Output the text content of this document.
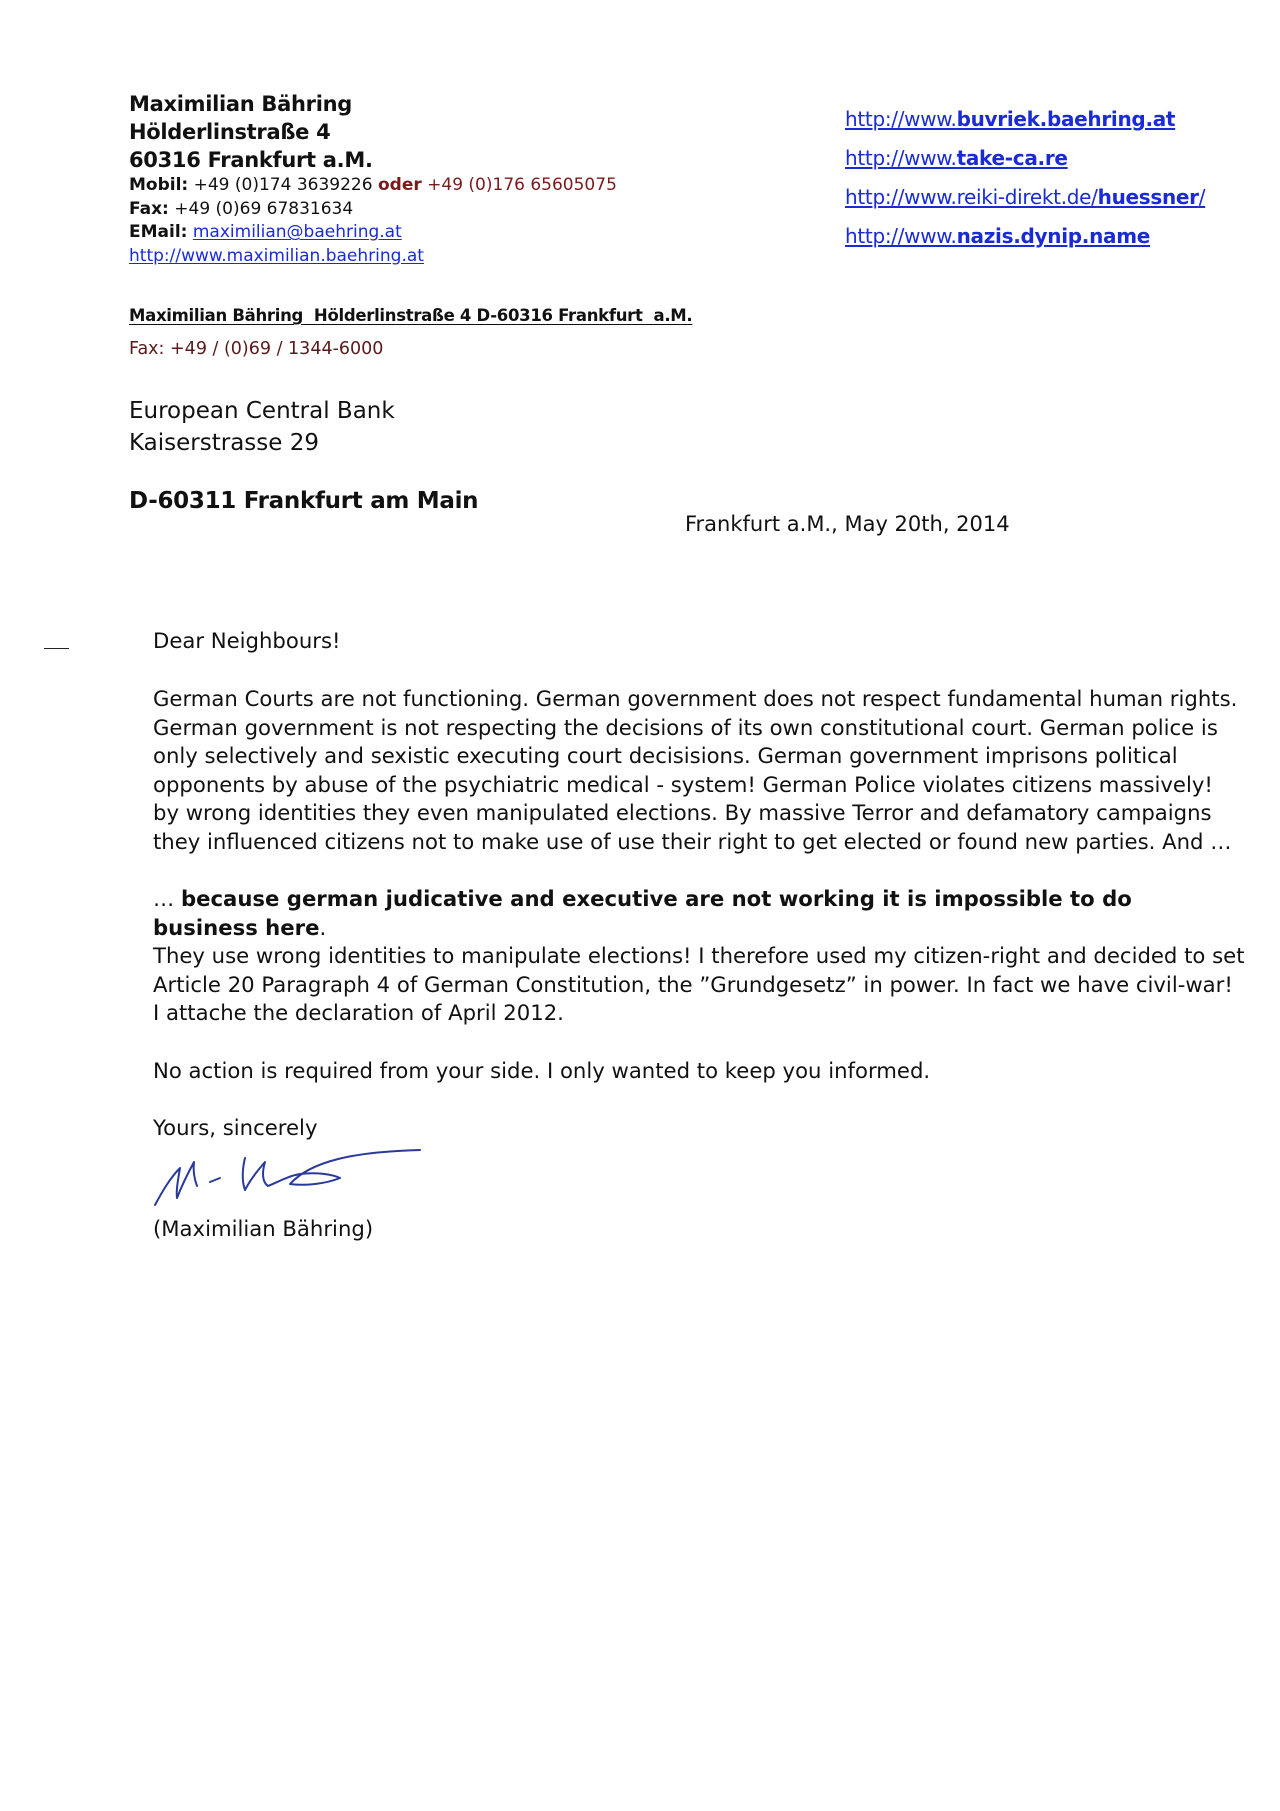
Maximilian Bähring
Hölderlinstraße 4
60316 Frankfurt a.M.
Mobil: +49 (0)174 3639226 oder +49 (0)176 65605075
Fax: +49 (0)69 67831634
EMail: maximilian@baehring.at
http://www.maximilian.baehring.at
http://www.buvriek.baehring.at
http://www.take-ca.re
http://www.reiki-direkt.de/huessner/
http://www.nazis.dynip.name
Maximilian Bähring  Hölderlinstraße 4 D-60316 Frankfurt  a.M.
Fax: +49 / (0)69 / 1344-6000
European Central Bank
Kaiserstrasse 29
D-60311 Frankfurt am Main
Frankfurt a.M., May 20th, 2014
Dear Neighbours!
German Courts are not functioning. German government does not respect fundamental human rights.
German government is not respecting the decisions of its own constitutional court. German police is
only selectively and sexistic executing court decisisions. German government imprisons political
opponents by abuse of the psychiatric medical - system! German Police violates citizens massively!
by wrong identities they even manipulated elections. By massive Terror and defamatory campaigns
they influenced citizens not to make use of use their right to get elected or found new parties. And …
… because german judicative and executive are not working it is impossible to do business here.
They use wrong identities to manipulate elections! I therefore used my citizen-right and decided to set
Article 20 Paragraph 4 of German Constitution, the ”Grundgesetz” in power. In fact we have civil-war!
I attache the declaration of April 2012.
No action is required from your side. I only wanted to keep you informed.
Yours, sincerely
(Maximilian Bähring)
